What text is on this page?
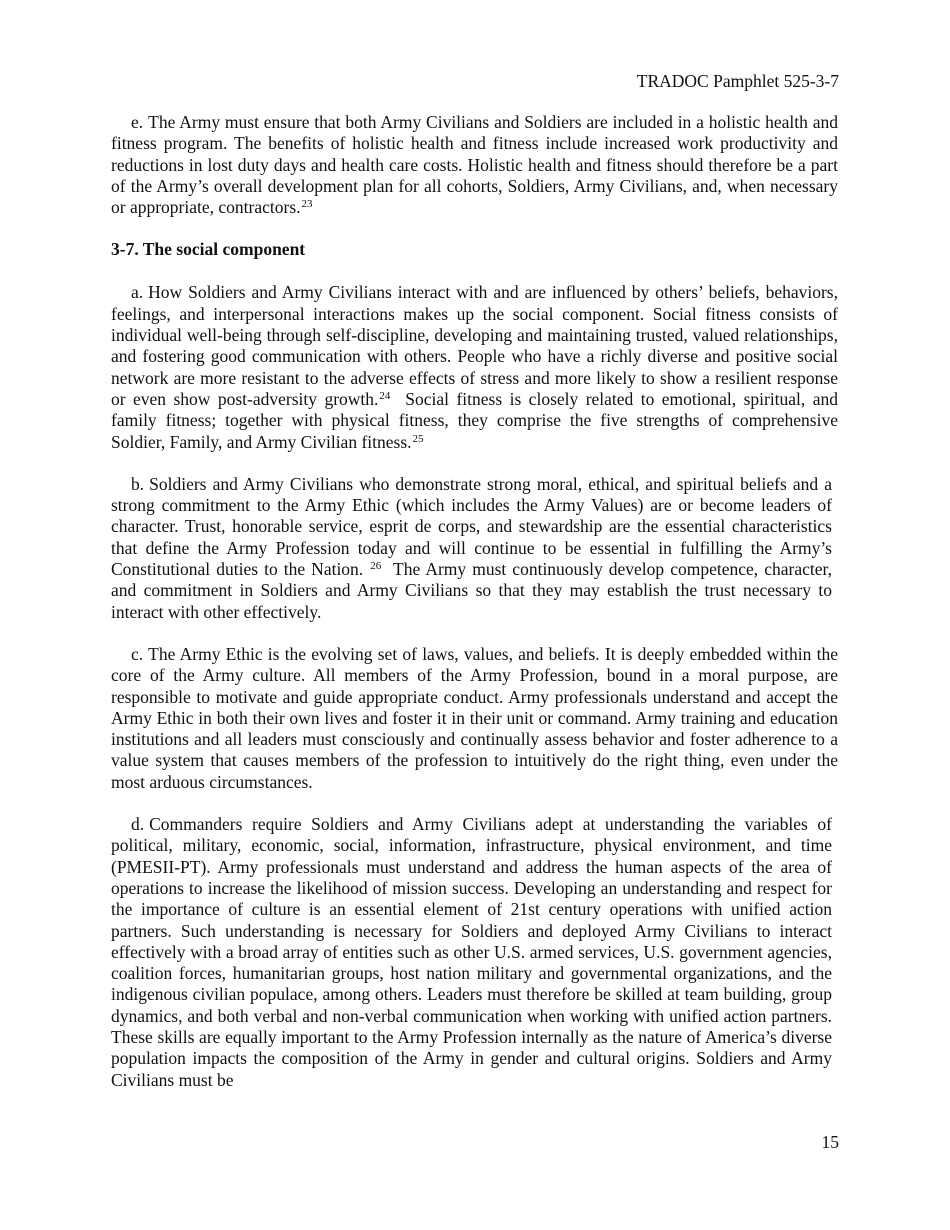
TRADOC Pamphlet 525-3-7

e. The Army must ensure that both Army Civilians and Soldiers are included in a holistic health and fitness program. The benefits of holistic health and fitness include increased work productivity and reductions in lost duty days and health care costs. Holistic health and fitness should therefore be a part of the Army’s overall development plan for all cohorts, Soldiers, Army Civilians, and, when necessary or appropriate, contractors.$^{23}$

3-7. The social component

a. How Soldiers and Army Civilians interact with and are influenced by others’ beliefs, behaviors, feelings, and interpersonal interactions makes up the social component. Social fitness consists of individual well-being through self-discipline, developing and maintaining trusted, valued relationships, and fostering good communication with others. People who have a richly diverse and positive social network are more resistant to the adverse effects of stress and more likely to show a resilient response or even show post-adversity growth.$^{24}$ Social fitness is closely related to emotional, spiritual, and family fitness; together with physical fitness, they comprise the five strengths of comprehensive Soldier, Family, and Army Civilian fitness.$^{25}$

b. Soldiers and Army Civilians who demonstrate strong moral, ethical, and spiritual beliefs and a strong commitment to the Army Ethic (which includes the Army Values) are or become leaders of character. Trust, honorable service, esprit de corps, and stewardship are the essential characteristics that define the Army Profession today and will continue to be essential in fulfilling the Army’s Constitutional duties to the Nation. $^{26}$ The Army must continuously develop competence, character, and commitment in Soldiers and Army Civilians so that they may establish the trust necessary to interact with other effectively.

c. The Army Ethic is the evolving set of laws, values, and beliefs. It is deeply embedded within the core of the Army culture. All members of the Army Profession, bound in a moral purpose, are responsible to motivate and guide appropriate conduct. Army professionals understand and accept the Army Ethic in both their own lives and foster it in their unit or command. Army training and education institutions and all leaders must consciously and continually assess behavior and foster adherence to a value system that causes members of the profession to intuitively do the right thing, even under the most arduous circumstances.

d. Commanders require Soldiers and Army Civilians adept at understanding the variables of political, military, economic, social, information, infrastructure, physical environment, and time (PMESII-PT). Army professionals must understand and address the human aspects of the area of operations to increase the likelihood of mission success. Developing an understanding and respect for the importance of culture is an essential element of 21st century operations with unified action partners. Such understanding is necessary for Soldiers and deployed Army Civilians to interact effectively with a broad array of entities such as other U.S. armed services, U.S. government agencies, coalition forces, humanitarian groups, host nation military and governmental organizations, and the indigenous civilian populace, among others. Leaders must therefore be skilled at team building, group dynamics, and both verbal and non-verbal communication when working with unified action partners. These skills are equally important to the Army Profession internally as the nature of America’s diverse population impacts the composition of the Army in gender and cultural origins. Soldiers and Army Civilians must be

15
